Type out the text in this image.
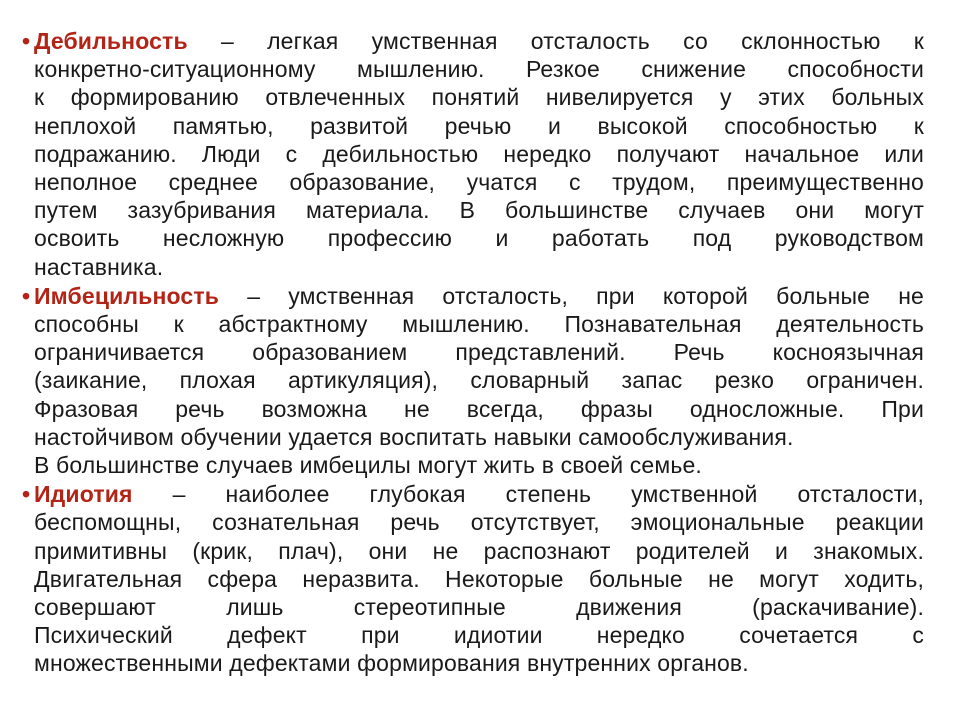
• Дебильность – легкая умственная отсталость со склонностью к
конкретно-ситуационному мышлению. Резкое снижение способности
к формированию отвлеченных понятий нивелируется у этих больных
неплохой памятью, развитой речью и высокой способностью к
подражанию. Люди с дебильностью нередко получают начальное или
неполное среднее образование, учатся с трудом, преимущественно
путем зазубривания материала. В большинстве случаев они могут
освоить несложную профессию и работать под руководством
наставника.
• Имбецильность – умственная отсталость, при которой больные не
способны к абстрактному мышлению. Познавательная деятельность
ограничивается образованием представлений. Речь косноязычная
(заикание, плохая артикуляция), словарный запас резко ограничен.
Фразовая речь возможна не всегда, фразы односложные. При
настойчивом обучении удается воспитать навыки самообслуживания.
В большинстве случаев имбецилы могут жить в своей семье.
• Идиотия – наиболее глубокая степень умственной отсталости,
беспомощны, сознательная речь отсутствует, эмоциональные реакции
примитивны (крик, плач), они не распознают родителей и знакомых.
Двигательная сфера неразвита. Некоторые больные не могут ходить,
совершают лишь стереотипные движения (раскачивание).
Психический дефект при идиотии нередко сочетается с
множественными дефектами формирования внутренних органов.
